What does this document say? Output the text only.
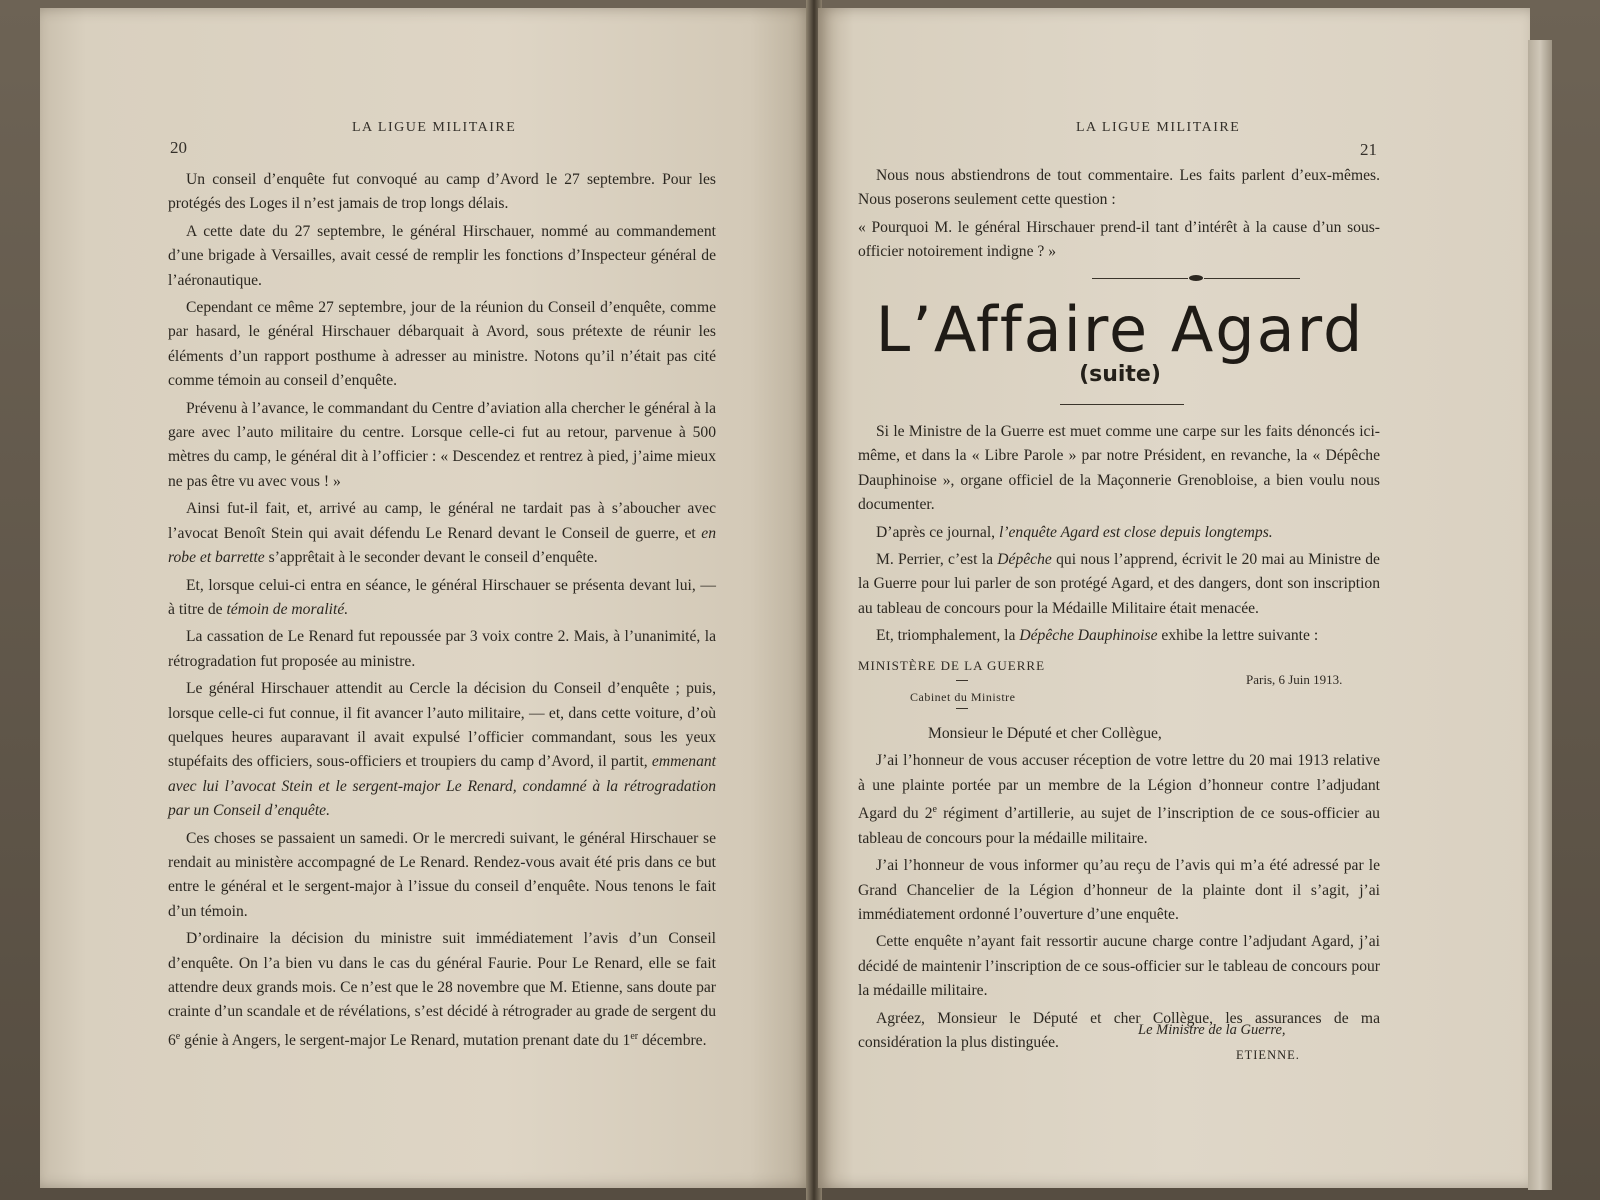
20
LA LIGUE MILITAIRE

Un conseil d’enquête fut convoqué au camp d’Avord le 27 septembre. Pour les protégés des Loges il n’est jamais de trop longs délais.

A cette date du 27 septembre, le général Hirschauer, nommé au commandement d’une brigade à Versailles, avait cessé de remplir les fonctions d’Inspecteur général de l’aéronautique.

Cependant ce même 27 septembre, jour de la réunion du Conseil d’enquête, comme par hasard, le général Hirschauer débarquait à Avord, sous prétexte de réunir les éléments d’un rapport posthume à adresser au ministre. Notons qu’il n’était pas cité comme témoin au conseil d’enquête.

Prévenu à l’avance, le commandant du Centre d’aviation alla chercher le général à la gare avec l’auto militaire du centre. Lorsque celle-ci fut au retour, parvenue à 500 mètres du camp, le général dit à l’officier : « Descendez et rentrez à pied, j’aime mieux ne pas être vu avec vous ! »

Ainsi fut-il fait, et, arrivé au camp, le général ne tardait pas à s’aboucher avec l’avocat Benoît Stein qui avait défendu Le Renard devant le Conseil de guerre, et en robe et barrette s’apprêtait à le seconder devant le conseil d’enquête.

Et, lorsque celui-ci entra en séance, le général Hirschauer se présenta devant lui, — à titre de témoin de moralité.

La cassation de Le Renard fut repoussée par 3 voix contre 2. Mais, à l’unanimité, la rétrogradation fut proposée au ministre.

Le général Hirschauer attendit au Cercle la décision du Conseil d’enquête ; puis, lorsque celle-ci fut connue, il fit avancer l’auto militaire, — et, dans cette voiture, d’où quelques heures auparavant il avait expulsé l’officier commandant, sous les yeux stupéfaits des officiers, sous-officiers et troupiers du camp d’Avord, il partit, emmenant avec lui l’avocat Stein et le sergent-major Le Renard, condamné à la rétrogradation par un Conseil d’enquête.

Ces choses se passaient un samedi. Or le mercredi suivant, le général Hirschauer se rendait au ministère accompagné de Le Renard. Rendez-vous avait été pris dans ce but entre le général et le sergent-major à l’issue du conseil d’enquête. Nous tenons le fait d’un témoin.

D’ordinaire la décision du ministre suit immédiatement l’avis d’un Conseil d’enquête. On l’a bien vu dans le cas du général Faurie. Pour Le Renard, elle se fait attendre deux grands mois. Ce n’est que le 28 novembre que M. Etienne, sans doute par crainte d’un scandale et de révélations, s’est décidé à rétrograder au grade de sergent du 6e génie à Angers, le sergent-major Le Renard, mutation prenant date du 1er décembre.

LA LIGUE MILITAIRE
21

Nous nous abstiendrons de tout commentaire. Les faits parlent d’eux-mêmes. Nous poserons seulement cette question :

« Pourquoi M. le général Hirschauer prend-il tant d’intérêt à la cause d’un sous-officier notoirement indigne ? »

L’Affaire Agard
(suite)

Si le Ministre de la Guerre est muet comme une carpe sur les faits dénoncés ici-même, et dans la « Libre Parole » par notre Président, en revanche, la « Dépêche Dauphinoise », organe officiel de la Maçonnerie Grenobloise, a bien voulu nous documenter.

D’après ce journal, l’enquête Agard est close depuis longtemps.

M. Perrier, c’est la Dépêche qui nous l’apprend, écrivit le 20 mai au Ministre de la Guerre pour lui parler de son protégé Agard, et des dangers, dont son inscription au tableau de concours pour la Médaille Militaire était menacée.

Et, triomphalement, la Dépêche Dauphinoise exhibe la lettre suivante :

MINISTÈRE DE LA GUERRE
Cabinet du Ministre
Paris, 6 Juin 1913.

Monsieur le Député et cher Collègue,

J’ai l’honneur de vous accuser réception de votre lettre du 20 mai 1913 relative à une plainte portée par un membre de la Légion d’honneur contre l’adjudant Agard du 2e régiment d’artillerie, au sujet de l’inscription de ce sous-officier au tableau de concours pour la médaille militaire.

J’ai l’honneur de vous informer qu’au reçu de l’avis qui m’a été adressé par le Grand Chancelier de la Légion d’honneur de la plainte dont il s’agit, j’ai immédiatement ordonné l’ouverture d’une enquête.

Cette enquête n’ayant fait ressortir aucune charge contre l’adjudant Agard, j’ai décidé de maintenir l’inscription de ce sous-officier sur le tableau de concours pour la médaille militaire.

Agréez, Monsieur le Député et cher Collègue, les assurances de ma considération la plus distinguée.

Le Ministre de la Guerre,
ETIENNE.
